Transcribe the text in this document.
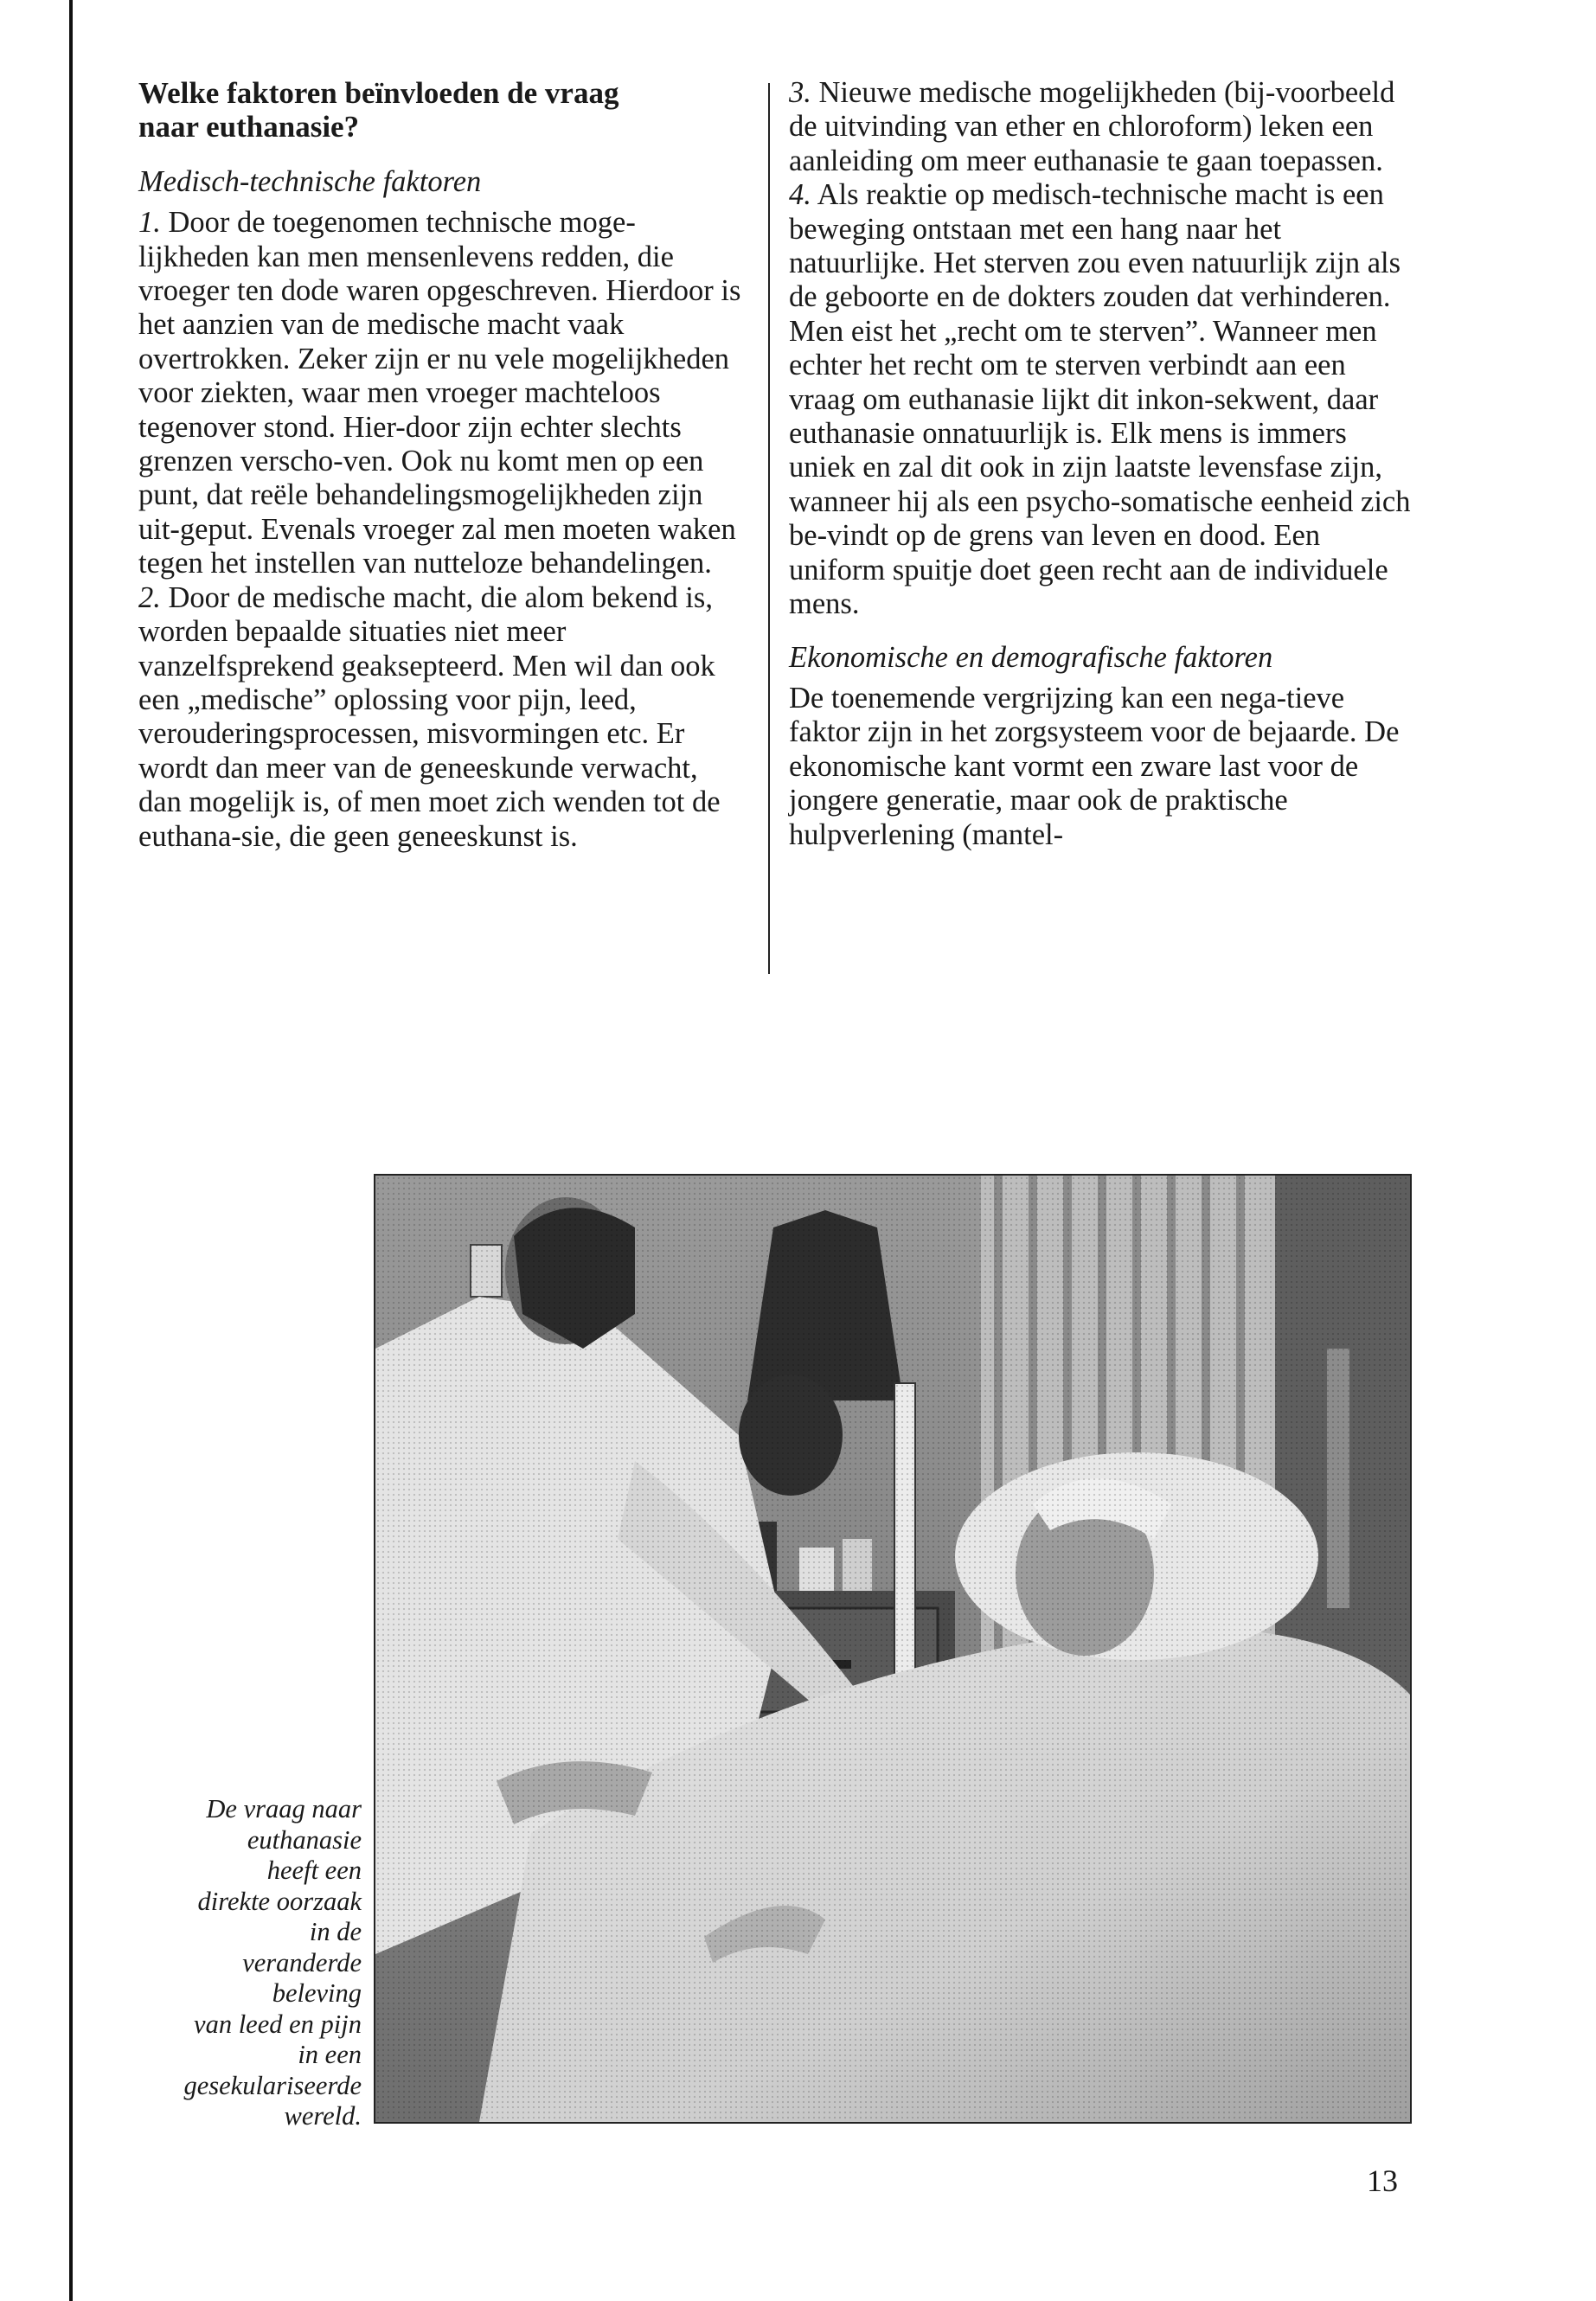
Welke faktoren beïnvloeden de vraag
naar euthanasie?

Medisch-technische faktoren

1. Door de toegenomen technische moge-lijkheden kan men mensenlevens redden, die vroeger ten dode waren opgeschreven. Hierdoor is het aanzien van de medische macht vaak overtrokken. Zeker zijn er nu vele mogelijkheden voor ziekten, waar men vroeger machteloos tegenover stond. Hier-door zijn echter slechts grenzen verscho-ven. Ook nu komt men op een punt, dat reële behandelingsmogelijkheden zijn uit-geput. Evenals vroeger zal men moeten waken tegen het instellen van nutteloze behandelingen.

2. Door de medische macht, die alom bekend is, worden bepaalde situaties niet meer vanzelfsprekend geaksepteerd. Men wil dan ook een „medische” oplossing voor pijn, leed, verouderingsprocessen, misvormingen etc. Er wordt dan meer van de geneeskunde verwacht, dan mogelijk is, of men moet zich wenden tot de euthana-sie, die geen geneeskunst is.

3. Nieuwe medische mogelijkheden (bij-voorbeeld de uitvinding van ether en chloroform) leken een aanleiding om meer euthanasie te gaan toepassen.

4. Als reaktie op medisch-technische macht is een beweging ontstaan met een hang naar het natuurlijke. Het sterven zou even natuurlijk zijn als de geboorte en de dokters zouden dat verhinderen. Men eist het „recht om te sterven”. Wanneer men echter het recht om te sterven verbindt aan een vraag om euthanasie lijkt dit inkon-sekwent, daar euthanasie onnatuurlijk is. Elk mens is immers uniek en zal dit ook in zijn laatste levensfase zijn, wanneer hij als een psycho-somatische eenheid zich be-vindt op de grens van leven en dood. Een uniform spuitje doet geen recht aan de individuele mens.

Ekonomische en demografische faktoren

De toenemende vergrijzing kan een nega-tieve faktor zijn in het zorgsysteem voor de bejaarde. De ekonomische kant vormt een zware last voor de jongere generatie, maar ook de praktische hulpverlening (mantel-

De vraag naar
euthanasie
heeft een
direkte oorzaak
in de
veranderde
beleving
van leed en pijn
in een
gesekulariseerde
wereld.
13
